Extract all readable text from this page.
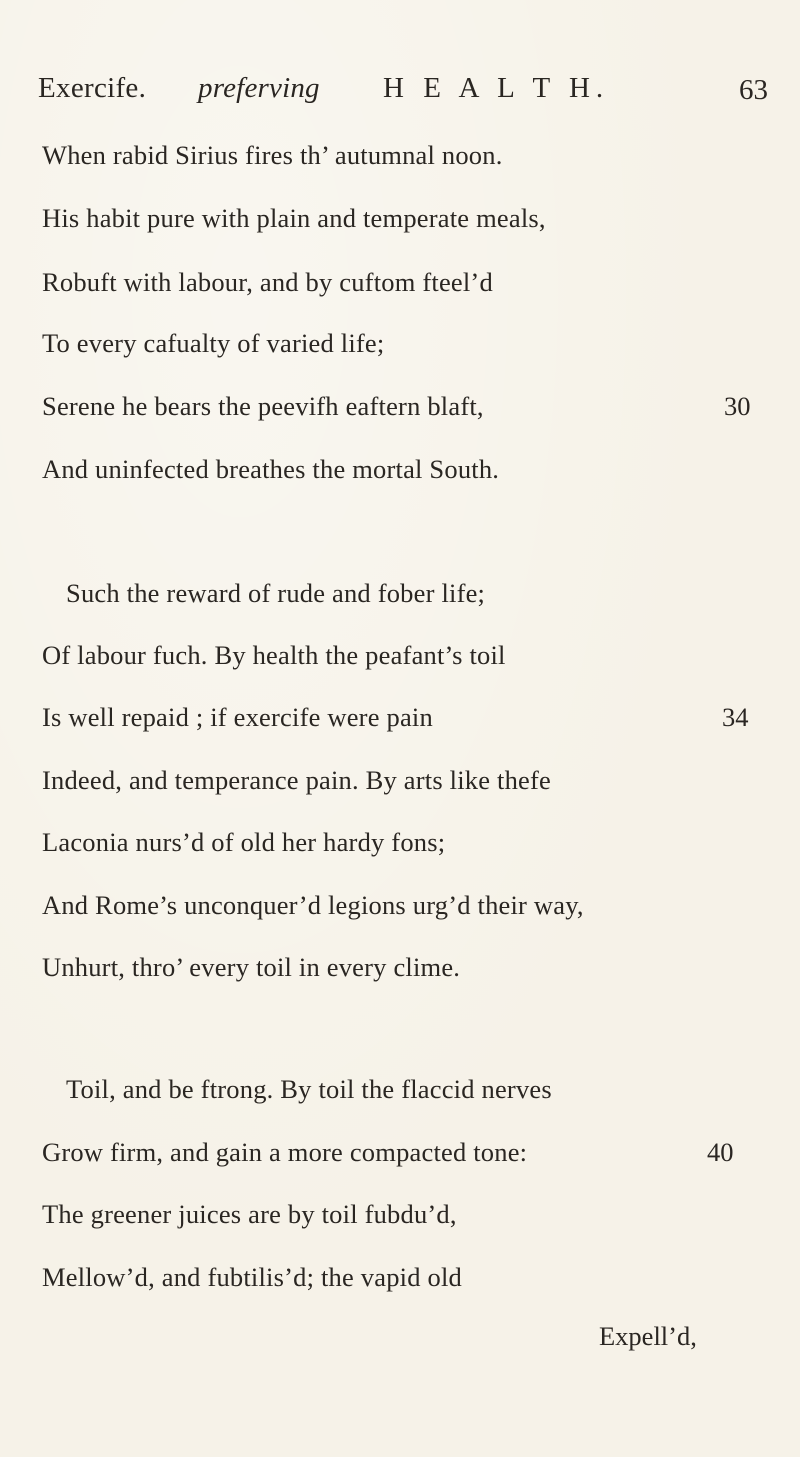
Exercife. preferving H E A L T H.	63
When rabid Sirius fires th’ autumnal noon.
His habit pure with plain and temperate meals,
Robuft with labour, and by cuftom fteel’d
To every cafualty of varied life;
Serene he bears the peevifh eaftern blaft,	30
And uninfected breathes the mortal South.
Such the reward of rude and fober life;
Of labour fuch. By health the peafant’s toil
Is well repaid ; if exercife were pain	34
Indeed, and temperance pain. By arts like thefe
Laconia nurs’d of old her hardy fons;
And Rome’s unconquer’d legions urg’d their way,
Unhurt, thro’ every toil in every clime.
Toil, and be ftrong. By toil the flaccid nerves
Grow firm, and gain a more compacted tone:	40
The greener juices are by toil fubdu’d,
Mellow’d, and fubtilis’d; the vapid old
Expell’d,
